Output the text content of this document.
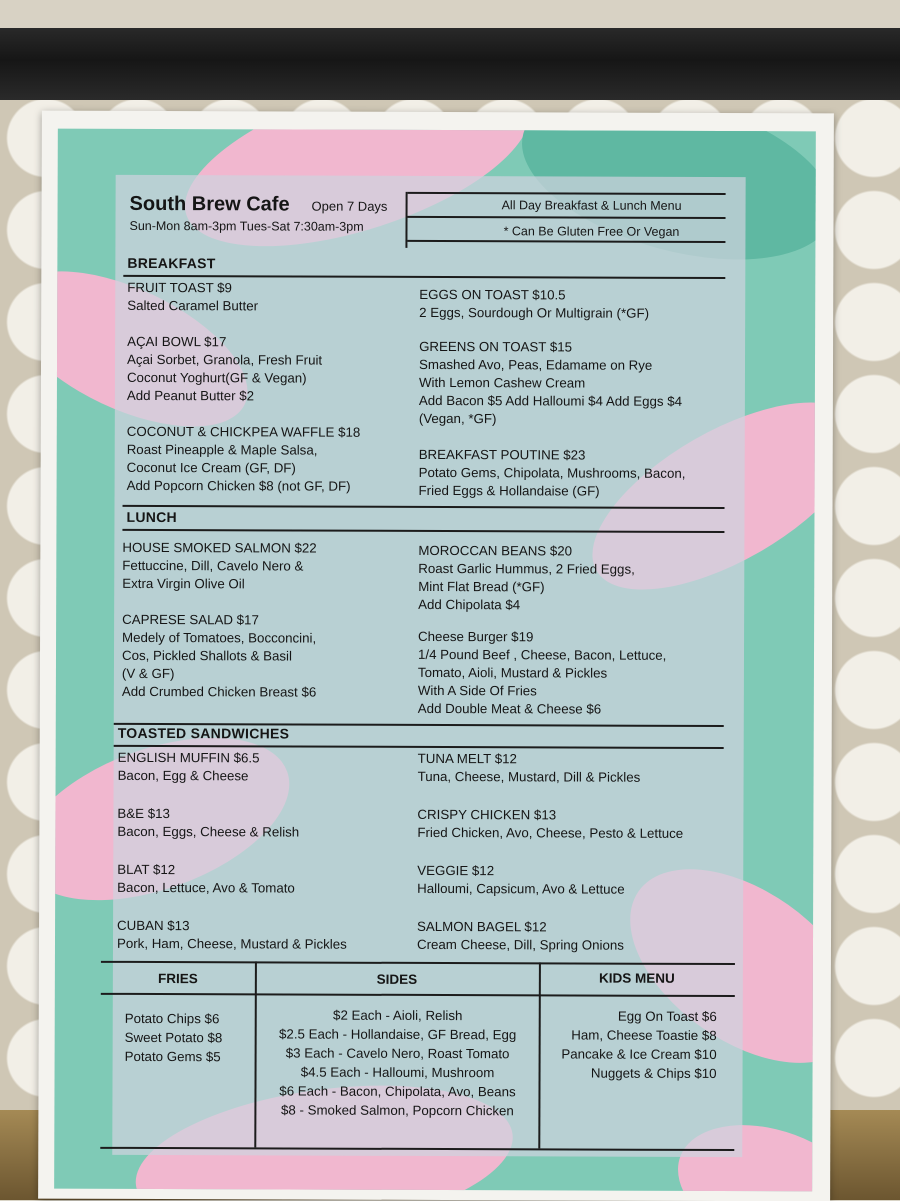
South Brew Cafe Open 7 Days
Sun-Mon 8am-3pm Tues-Sat 7:30am-3pm
All Day Breakfast & Lunch Menu
* Can Be Gluten Free Or Vegan
BREAKFAST
FRUIT TOAST $9
Salted Caramel Butter
AÇAI BOWL $17
Açai Sorbet, Granola, Fresh Fruit
Coconut Yoghurt(GF & Vegan)
Add Peanut Butter $2
COCONUT & CHICKPEA WAFFLE $18
Roast Pineapple & Maple Salsa,
Coconut Ice Cream (GF, DF)
Add Popcorn Chicken $8 (not GF, DF)
EGGS ON TOAST $10.5
2 Eggs, Sourdough Or Multigrain (*GF)
GREENS ON TOAST $15
Smashed Avo, Peas, Edamame on Rye
With Lemon Cashew Cream
Add Bacon $5 Add Halloumi $4 Add Eggs $4
(Vegan, *GF)
BREAKFAST POUTINE $23
Potato Gems, Chipolata, Mushrooms, Bacon,
Fried Eggs & Hollandaise (GF)
LUNCH
HOUSE SMOKED SALMON $22
Fettuccine, Dill, Cavelo Nero &
Extra Virgin Olive Oil
CAPRESE SALAD $17
Medely of Tomatoes, Bocconcini,
Cos, Pickled Shallots & Basil
(V & GF)
Add Crumbed Chicken Breast $6
MOROCCAN BEANS $20
Roast Garlic Hummus, 2 Fried Eggs,
Mint Flat Bread (*GF)
Add Chipolata $4
Cheese Burger $19
1/4 Pound Beef , Cheese, Bacon, Lettuce,
Tomato, Aioli, Mustard & Pickles
With A Side Of Fries
Add Double Meat & Cheese $6
TOASTED SANDWICHES
ENGLISH MUFFIN $6.5
Bacon, Egg & Cheese
B&E $13
Bacon, Eggs, Cheese & Relish
BLAT $12
Bacon, Lettuce, Avo & Tomato
CUBAN $13
Pork, Ham, Cheese, Mustard & Pickles
TUNA MELT $12
Tuna, Cheese, Mustard, Dill & Pickles
CRISPY CHICKEN $13
Fried Chicken, Avo, Cheese, Pesto & Lettuce
VEGGIE $12
Halloumi, Capsicum, Avo & Lettuce
SALMON BAGEL $12
Cream Cheese, Dill, Spring Onions
FRIES	SIDES	KIDS MENU
Potato Chips $6
Sweet Potato $8
Potato Gems $5
$2 Each - Aioli, Relish
$2.5 Each - Hollandaise, GF Bread, Egg
$3 Each - Cavelo Nero, Roast Tomato
$4.5 Each - Halloumi, Mushroom
$6 Each - Bacon, Chipolata, Avo, Beans
$8 - Smoked Salmon, Popcorn Chicken
Egg On Toast $6
Ham, Cheese Toastie $8
Pancake & Ice Cream $10
Nuggets & Chips $10
